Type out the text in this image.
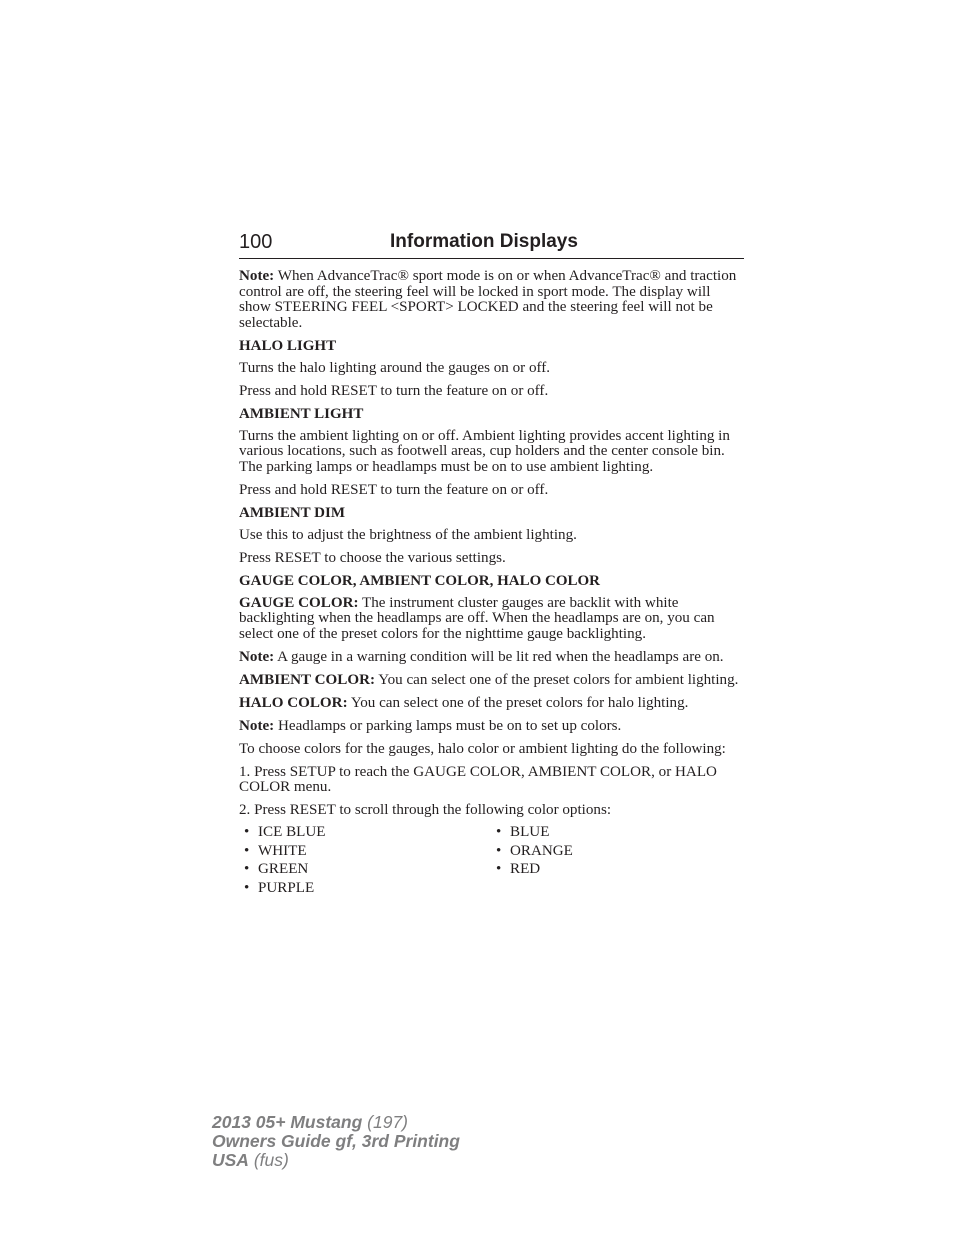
100	Information Displays

Note: When AdvanceTrac® sport mode is on or when AdvanceTrac® and traction control are off, the steering feel will be locked in sport mode. The display will show STEERING FEEL <SPORT> LOCKED and the steering feel will not be selectable.

HALO LIGHT

Turns the halo lighting around the gauges on or off.

Press and hold RESET to turn the feature on or off.

AMBIENT LIGHT

Turns the ambient lighting on or off. Ambient lighting provides accent lighting in various locations, such as footwell areas, cup holders and the center console bin. The parking lamps or headlamps must be on to use ambient lighting.

Press and hold RESET to turn the feature on or off.

AMBIENT DIM

Use this to adjust the brightness of the ambient lighting.

Press RESET to choose the various settings.

GAUGE COLOR, AMBIENT COLOR, HALO COLOR

GAUGE COLOR: The instrument cluster gauges are backlit with white backlighting when the headlamps are off. When the headlamps are on, you can select one of the preset colors for the nighttime gauge backlighting.

Note: A gauge in a warning condition will be lit red when the headlamps are on.

AMBIENT COLOR: You can select one of the preset colors for ambient lighting.

HALO COLOR: You can select one of the preset colors for halo lighting.

Note: Headlamps or parking lamps must be on to set up colors.

To choose colors for the gauges, halo color or ambient lighting do the following:

1. Press SETUP to reach the GAUGE COLOR, AMBIENT COLOR, or HALO COLOR menu.

2. Press RESET to scroll through the following color options:

• ICE BLUE
• WHITE
• GREEN
• PURPLE
• BLUE
• ORANGE
• RED
2013 05+ Mustang (197)
Owners Guide gf, 3rd Printing
USA (fus)
